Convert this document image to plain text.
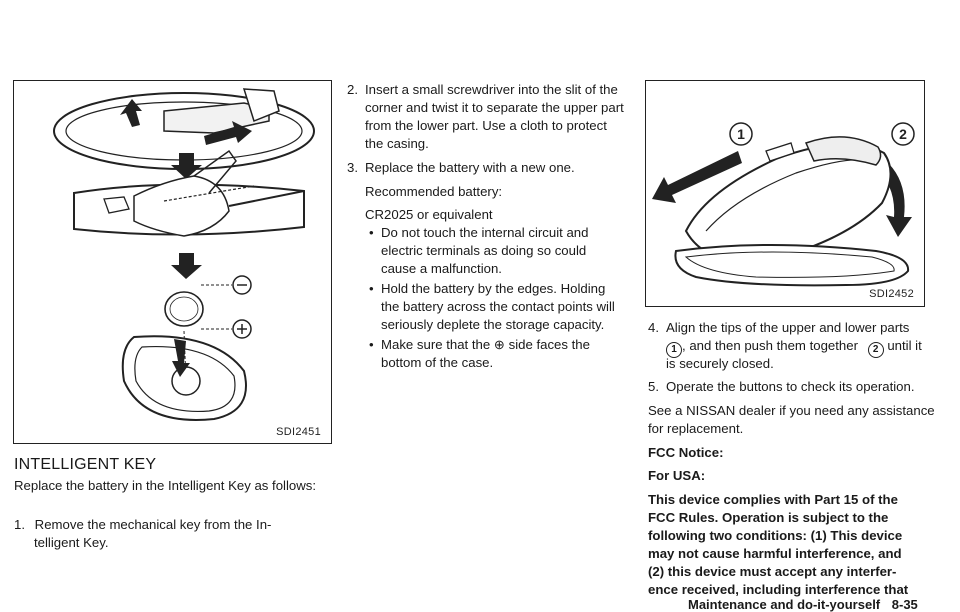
SDI2451
INTELLIGENT KEY
Replace the battery in the Intelligent Key as follows:
1. Remove the mechanical key from the In-
telligent Key.
2. Insert a small screwdriver into the slit of the
corner and twist it to separate the upper part
from the lower part. Use a cloth to protect
the casing.
3. Replace the battery with a new one.
Recommended battery:
CR2025 or equivalent
• Do not touch the internal circuit and
electric terminals as doing so could
cause a malfunction.
• Hold the battery by the edges. Holding
the battery across the contact points will
seriously deplete the storage capacity.
• Make sure that the ⊕ side faces the
bottom of the case.
1	2
SDI2452
4. Align the tips of the upper and lower parts
1 , and then push them together 2 until it
is securely closed.
5. Operate the buttons to check its operation.
See a NISSAN dealer if you need any assistance
for replacement.
FCC Notice:
For USA:
This device complies with Part 15 of the
FCC Rules. Operation is subject to the
following two conditions: (1) This device
may not cause harmful interference, and
(2) this device must accept any interfer-
ence received, including interference that
Maintenance and do-it-yourself 8-35
